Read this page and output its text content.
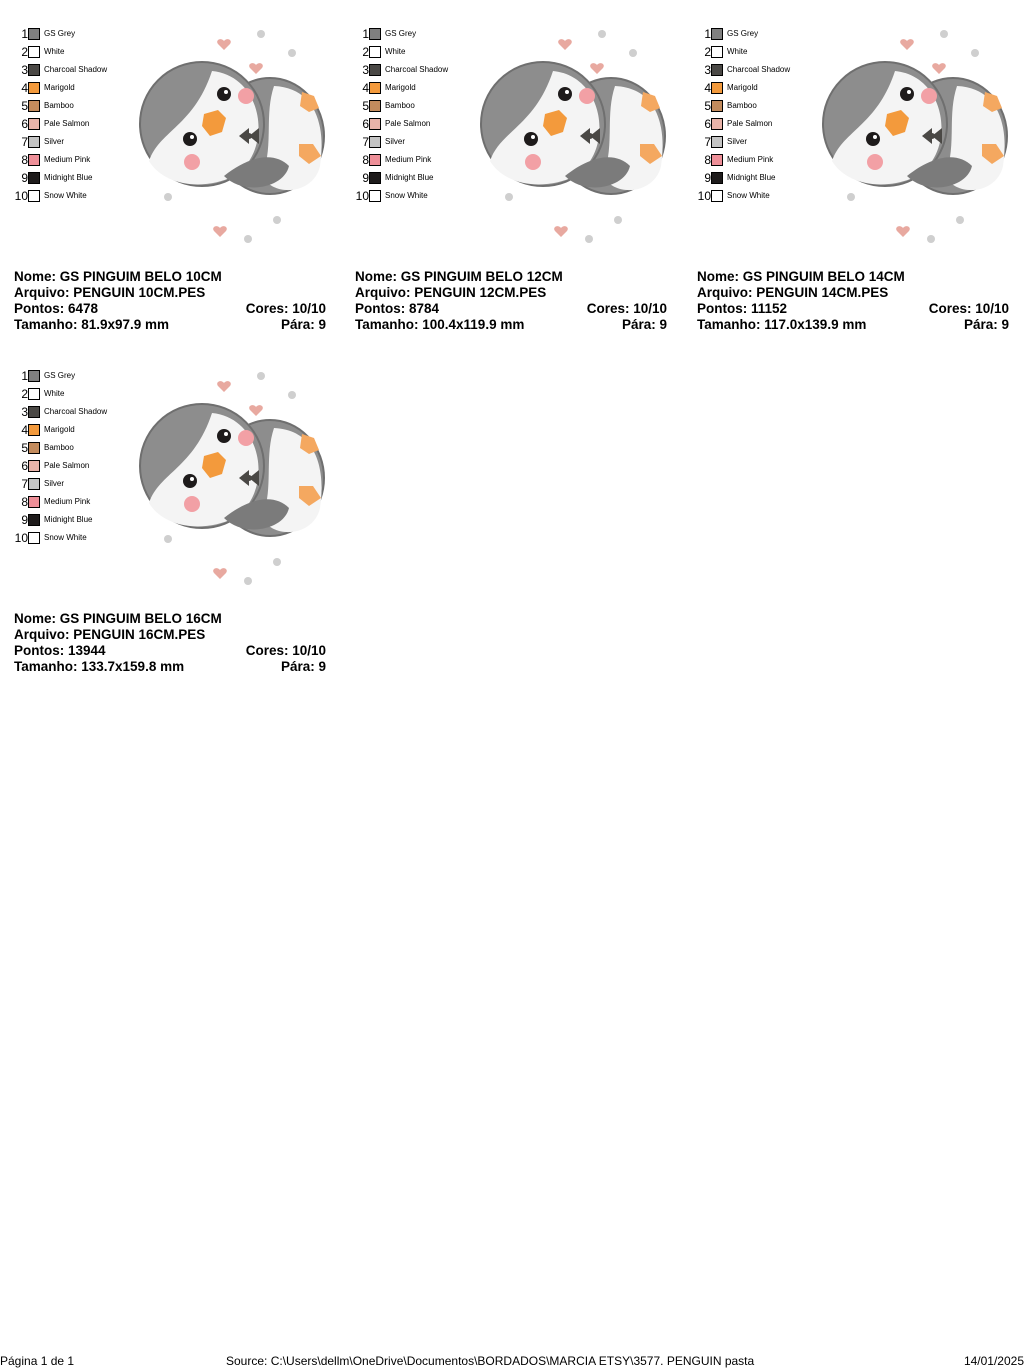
1 GS Grey
2 White
3 Charcoal Shadow
4 Marigold
5 Bamboo
6 Pale Salmon
7 Silver
8 Medium Pink
9 Midnight Blue
10 Snow White
Nome: GS PINGUIM BELO 10CM
Arquivo: PENGUIN 10CM.PES
Pontos: 6478	Cores: 10/10
Tamanho: 81.9x97.9 mm	Pára: 9
1 GS Grey
2 White
3 Charcoal Shadow
4 Marigold
5 Bamboo
6 Pale Salmon
7 Silver
8 Medium Pink
9 Midnight Blue
10 Snow White
Nome: GS PINGUIM BELO 12CM
Arquivo: PENGUIN 12CM.PES
Pontos: 8784	Cores: 10/10
Tamanho: 100.4x119.9 mm	Pára: 9
1 GS Grey
2 White
3 Charcoal Shadow
4 Marigold
5 Bamboo
6 Pale Salmon
7 Silver
8 Medium Pink
9 Midnight Blue
10 Snow White
Nome: GS PINGUIM BELO 14CM
Arquivo: PENGUIN 14CM.PES
Pontos: 11152	Cores: 10/10
Tamanho: 117.0x139.9 mm	Pára: 9
1 GS Grey
2 White
3 Charcoal Shadow
4 Marigold
5 Bamboo
6 Pale Salmon
7 Silver
8 Medium Pink
9 Midnight Blue
10 Snow White
Nome: GS PINGUIM BELO 16CM
Arquivo: PENGUIN 16CM.PES
Pontos: 13944	Cores: 10/10
Tamanho: 133.7x159.8 mm	Pára: 9
Página 1 de 1	Source: C:\Users\dellm\OneDrive\Documentos\BORDADOS\MARCIA ETSY\3577. PENGUIN pasta	14/01/2025
